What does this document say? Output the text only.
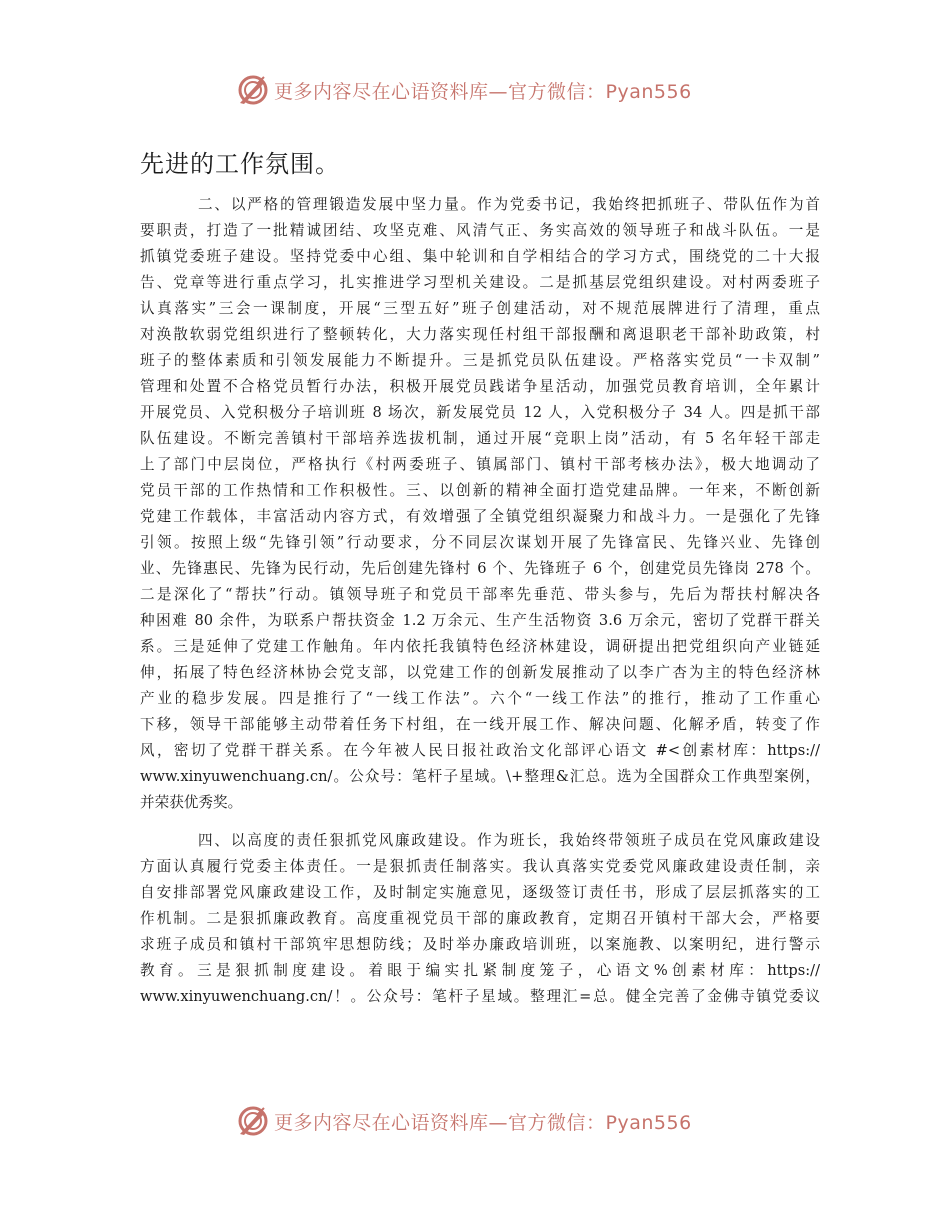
更多内容尽在心语资料库—官方微信：Pyan556
先进的工作氛围。
二、以严格的管理锻造发展中坚力量。作为党委书记，我始终把抓班子、带队伍作为首
要职责，打造了一批精诚团结、攻坚克难、风清气正、务实高效的领导班子和战斗队伍。一是
抓镇党委班子建设。坚持党委中心组、集中轮训和自学相结合的学习方式，围绕党的二十大报
告、党章等进行重点学习，扎实推进学习型机关建设。二是抓基层党组织建设。对村两委班子
认真落实”三会一课制度，开展“三型五好”班子创建活动，对不规范展牌进行了清理，重点
对涣散软弱党组织进行了整顿转化，大力落实现任村组干部报酬和离退职老干部补助政策，村
班子的整体素质和引领发展能力不断提升。三是抓党员队伍建设。严格落实党员“一卡双制”
管理和处置不合格党员暂行办法，积极开展党员践诺争星活动，加强党员教育培训，全年累计
开展党员、入党积极分子培训班 8 场次，新发展党员 12 人，入党积极分子 34 人。四是抓干部
队伍建设。不断完善镇村干部培养选拔机制，通过开展“竞职上岗”活动，有 5 名年轻干部走
上了部门中层岗位，严格执行《村两委班子、镇属部门、镇村干部考核办法》，极大地调动了
党员干部的工作热情和工作积极性。三、以创新的精神全面打造党建品牌。一年来，不断创新
党建工作载体，丰富活动内容方式，有效增强了全镇党组织凝聚力和战斗力。一是强化了先锋
引领。按照上级“先锋引领”行动要求，分不同层次谋划开展了先锋富民、先锋兴业、先锋创
业、先锋惠民、先锋为民行动，先后创建先锋村 6 个、先锋班子 6 个，创建党员先锋岗 278 个。
二是深化了“帮扶”行动。镇领导班子和党员干部率先垂范、带头参与，先后为帮扶村解决各
种困难 80 余件，为联系户帮扶资金 1.2 万余元、生产生活物资 3.6 万余元，密切了党群干群关
系。三是延伸了党建工作触角。年内依托我镇特色经济林建设，调研提出把党组织向产业链延
伸，拓展了特色经济林协会党支部，以党建工作的创新发展推动了以李广杏为主的特色经济林
产业的稳步发展。四是推行了“一线工作法”。六个“一线工作法”的推行，推动了工作重心
下移，领导干部能够主动带着任务下村组，在一线开展工作、解决问题、化解矛盾，转变了作
风，密切了党群干群关系。在今年被人民日报社政治文化部评心语文 #<创素材库：https://
www.xinyuwenchuang.cn/。公众号：笔杆子星域。\+整理&汇总。选为全国群众工作典型案例，
并荣获优秀奖。
四、以高度的责任狠抓党风廉政建设。作为班长，我始终带领班子成员在党风廉政建设
方面认真履行党委主体责任。一是狠抓责任制落实。我认真落实党委党风廉政建设责任制，亲
自安排部署党风廉政建设工作，及时制定实施意见，逐级签订责任书，形成了层层抓落实的工
作机制。二是狠抓廉政教育。高度重视党员干部的廉政教育，定期召开镇村干部大会，严格要
求班子成员和镇村干部筑牢思想防线；及时举办廉政培训班，以案施教、以案明纪，进行警示
教育。三是狠抓制度建设。着眼于编实扎紧制度笼子，心语文%创素材库：https://
www.xinyuwenchuang.cn/！。公众号：笔杆子星域。整理汇=总。健全完善了金佛寺镇党委议
更多内容尽在心语资料库—官方微信：Pyan556
